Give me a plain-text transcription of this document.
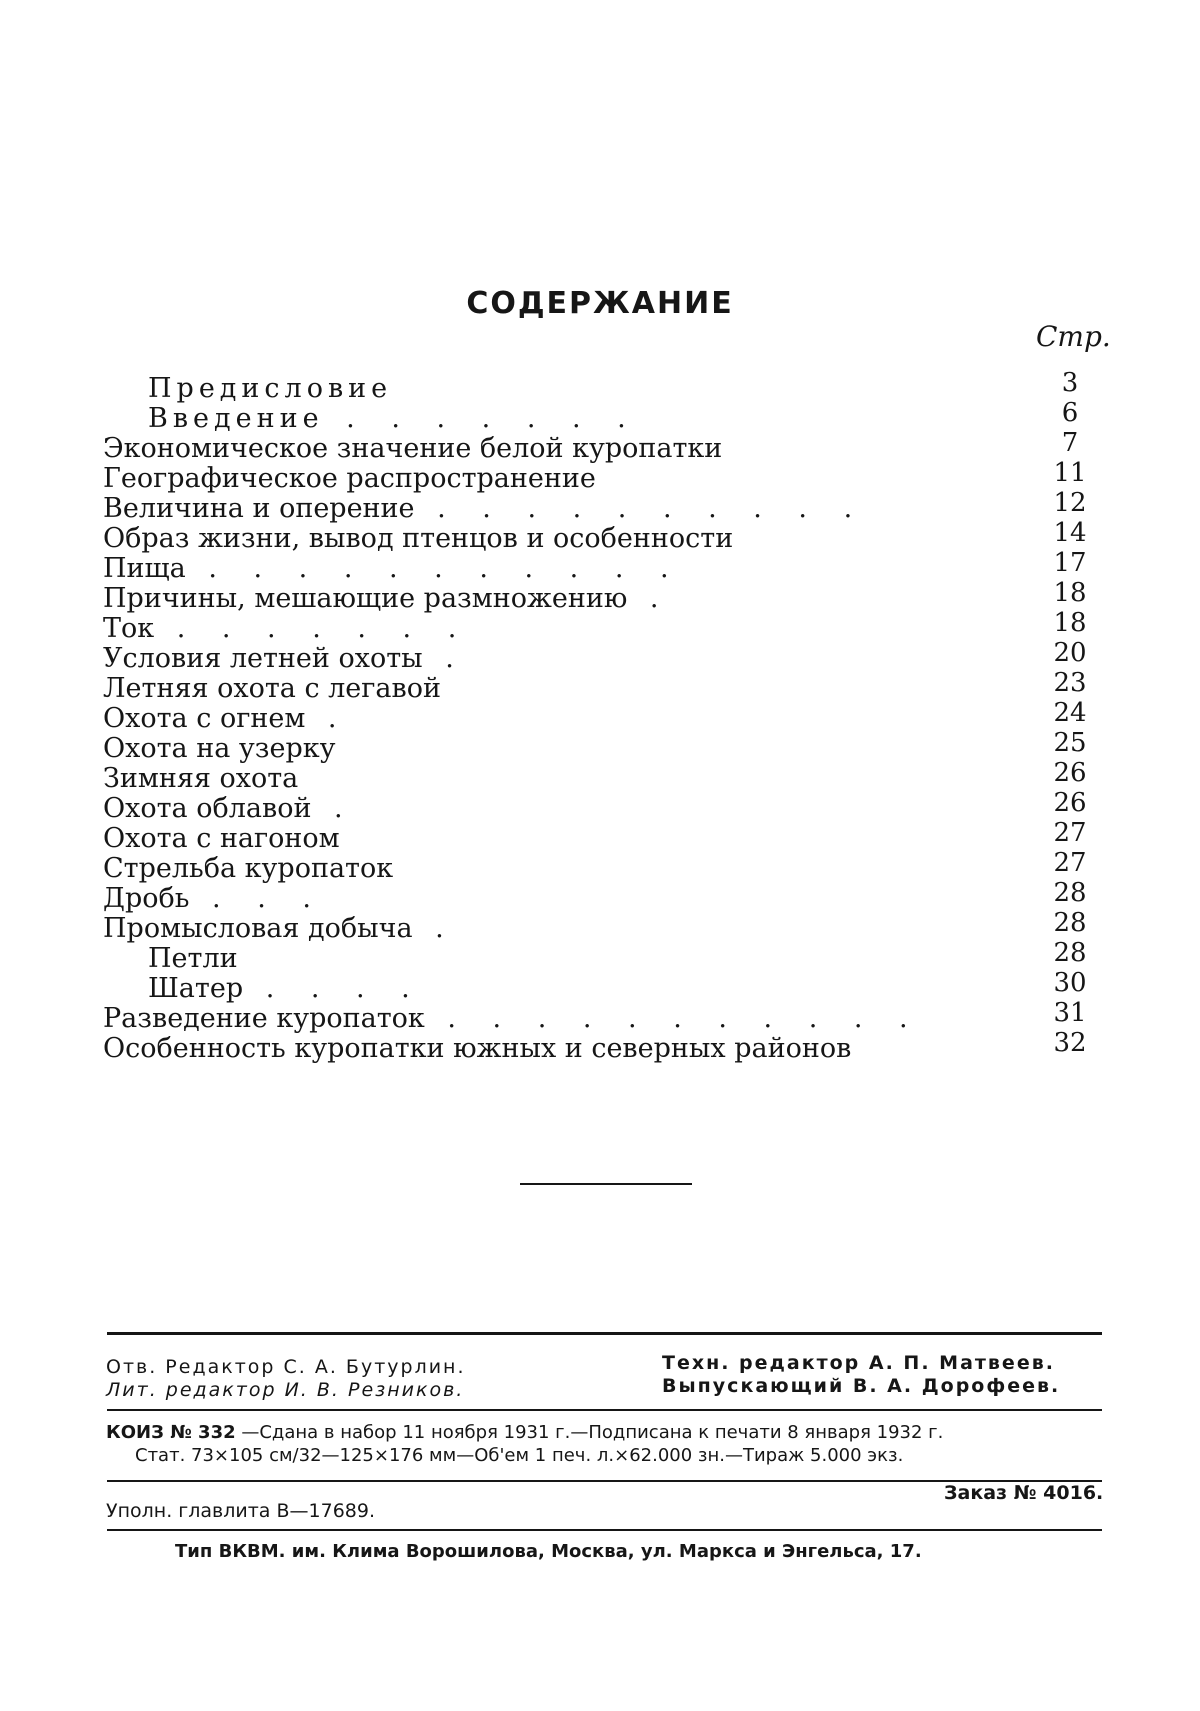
СОДЕРЖАНИЕ
Стр.
Предисловие	3
Введение . . . . . . .	6
Экономическое значение белой куропатки	7
Географическое распространение	11
Величина и оперение . . . . . . . . . .	12
Образ жизни, вывод птенцов и особенности	14
Пища . . . . . . . . . . .	17
Причины, мешающие размножению .	18
Ток . . . . . . .	18
Условия летней охоты .	20
Летняя охота с легавой	23
Охота с огнем .	24
Охота на узерку	25
Зимняя охота	26
Охота облавой .	26
Охота с нагоном	27
Стрельба куропаток	27
Дробь . . .	28
Промысловая добыча .	28
Петли	28
Шатер . . . .	30
Разведение куропаток . . . . . . . . . . .	31
Особенность куропатки южных и северных районов	32
Отв. Редактор С. А. Бутурлин.
Лит. редактор И. В. Резников.
Техн. редактор А. П. Матвеев.
Выпускающий В. А. Дорофеев.
КОИЗ № 332 —Сдана в набор 11 ноября 1931 г.—Подписана к печати 8 января 1932 г.
Стат. 73×105 см/32—125×176 мм—Об'ем 1 печ. л.×62.000 зн.—Тираж 5.000 экз.
Уполн. главлита В—17689.
Заказ № 4016.
Тип ВКВМ. им. Клима Ворошилова, Москва, ул. Маркса и Энгельса, 17.
